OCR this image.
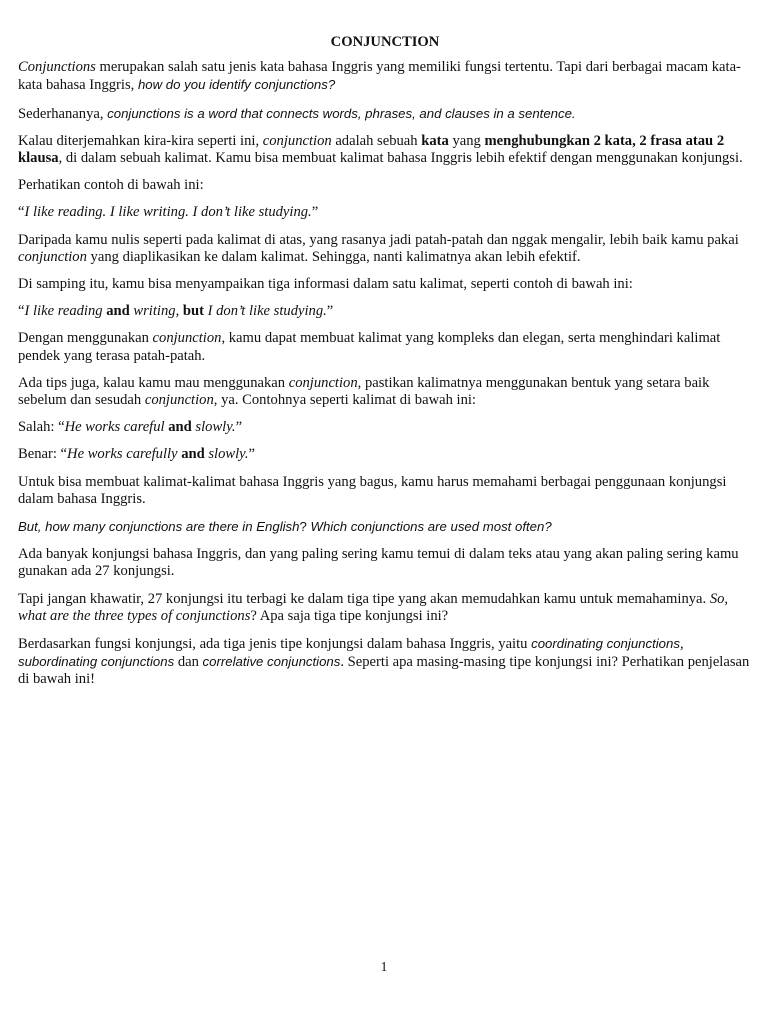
CONJUNCTION

Conjunctions merupakan salah satu jenis kata bahasa Inggris yang memiliki fungsi tertentu. Tapi dari berbagai macam kata-kata bahasa Inggris, how do you identify conjunctions?

Sederhananya, conjunctions is a word that connects words, phrases, and clauses in a sentence.

Kalau diterjemahkan kira-kira seperti ini, conjunction adalah sebuah kata yang menghubungkan 2 kata, 2 frasa atau 2 klausa, di dalam sebuah kalimat. Kamu bisa membuat kalimat bahasa Inggris lebih efektif dengan menggunakan konjungsi.

Perhatikan contoh di bawah ini:

“I like reading. I like writing. I don’t like studying.”

Daripada kamu nulis seperti pada kalimat di atas, yang rasanya jadi patah-patah dan nggak mengalir, lebih baik kamu pakai conjunction yang diaplikasikan ke dalam kalimat. Sehingga, nanti kalimatnya akan lebih efektif.

Di samping itu, kamu bisa menyampaikan tiga informasi dalam satu kalimat, seperti contoh di bawah ini:

“I like reading and writing, but I don’t like studying.”

Dengan menggunakan conjunction, kamu dapat membuat kalimat yang kompleks dan elegan, serta menghindari kalimat pendek yang terasa patah-patah.

Ada tips juga, kalau kamu mau menggunakan conjunction, pastikan kalimatnya menggunakan bentuk yang setara baik sebelum dan sesudah conjunction, ya. Contohnya seperti kalimat di bawah ini:

Salah: “He works careful and slowly.”

Benar: “He works carefully and slowly.”

Untuk bisa membuat kalimat-kalimat bahasa Inggris yang bagus, kamu harus memahami berbagai penggunaan konjungsi dalam bahasa Inggris.

But, how many conjunctions are there in English? Which conjunctions are used most often?

Ada banyak konjungsi bahasa Inggris, dan yang paling sering kamu temui di dalam teks atau yang akan paling sering kamu gunakan ada 27 konjungsi.

Tapi jangan khawatir, 27 konjungsi itu terbagi ke dalam tiga tipe yang akan memudahkan kamu untuk memahaminya. So, what are the three types of conjunctions? Apa saja tiga tipe konjungsi ini?

Berdasarkan fungsi konjungsi, ada tiga jenis tipe konjungsi dalam bahasa Inggris, yaitu coordinating conjunctions, subordinating conjunctions dan correlative conjunctions. Seperti apa masing-masing tipe konjungsi ini? Perhatikan penjelasan di bawah ini!

1
